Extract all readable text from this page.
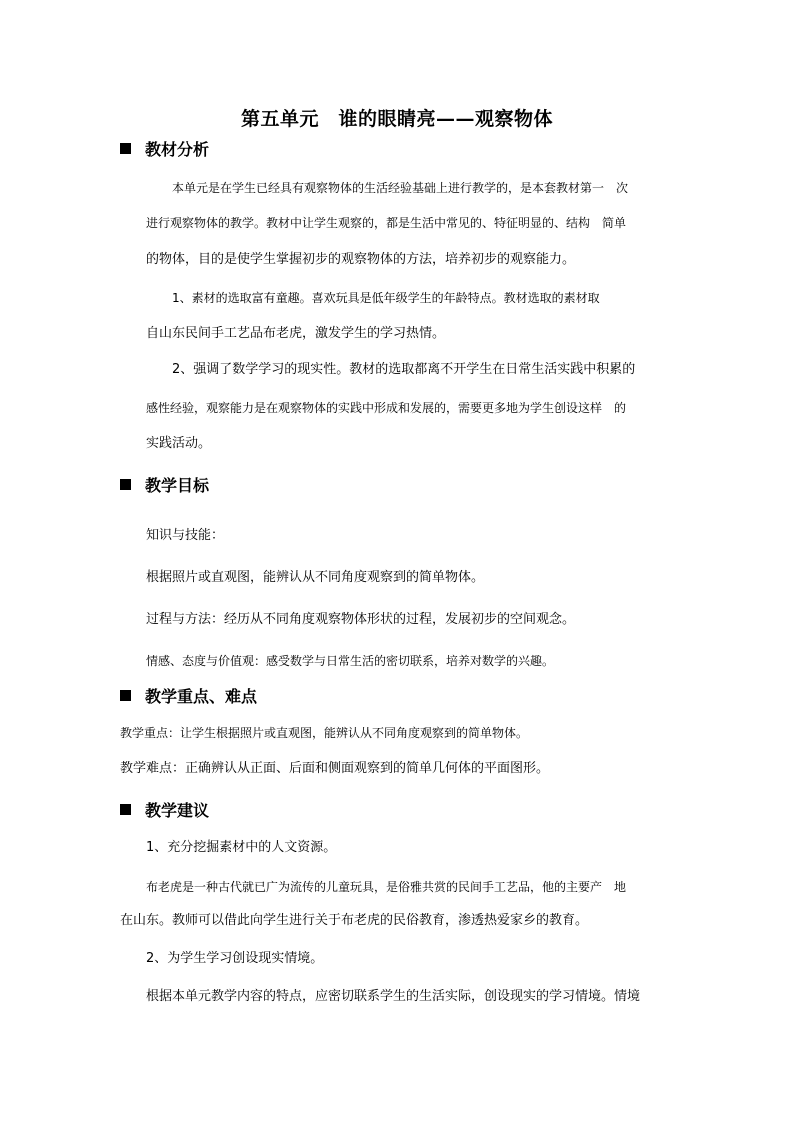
第五单元　谁的眼睛亮——观察物体
教材分析
本单元是在学生已经具有观察物体的生活经验基础上进行教学的，是本套教材第一　次
进行观察物体的教学。教材中让学生观察的，都是生活中常见的、特征明显的、结构　简单
的物体，目的是使学生掌握初步的观察物体的方法，培养初步的观察能力。
1、素材的选取富有童趣。喜欢玩具是低年级学生的年龄特点。教材选取的素材取
自山东民间手工艺品布老虎，激发学生的学习热情。
2、强调了数学学习的现实性。教材的选取都离不开学生在日常生活实践中积累的
感性经验，观察能力是在观察物体的实践中形成和发展的，需要更多地为学生创设这样　的
实践活动。
教学目标
知识与技能：
根据照片或直观图，能辨认从不同角度观察到的简单物体。
过程与方法：经历从不同角度观察物体形状的过程，发展初步的空间观念。
情感、态度与价值观：感受数学与日常生活的密切联系，培养对数学的兴趣。
教学重点、难点
教学重点：让学生根据照片或直观图，能辨认从不同角度观察到的简单物体。
教学难点：正确辨认从正面、后面和侧面观察到的简单几何体的平面图形。
教学建议
1、充分挖掘素材中的人文资源。
布老虎是一种古代就已广为流传的儿童玩具，是俗雅共赏的民间手工艺品，他的主要产　地
在山东。教师可以借此向学生进行关于布老虎的民俗教育，渗透热爱家乡的教育。
2、为学生学习创设现实情境。
根据本单元教学内容的特点，应密切联系学生的生活实际，创设现实的学习情境。情境
